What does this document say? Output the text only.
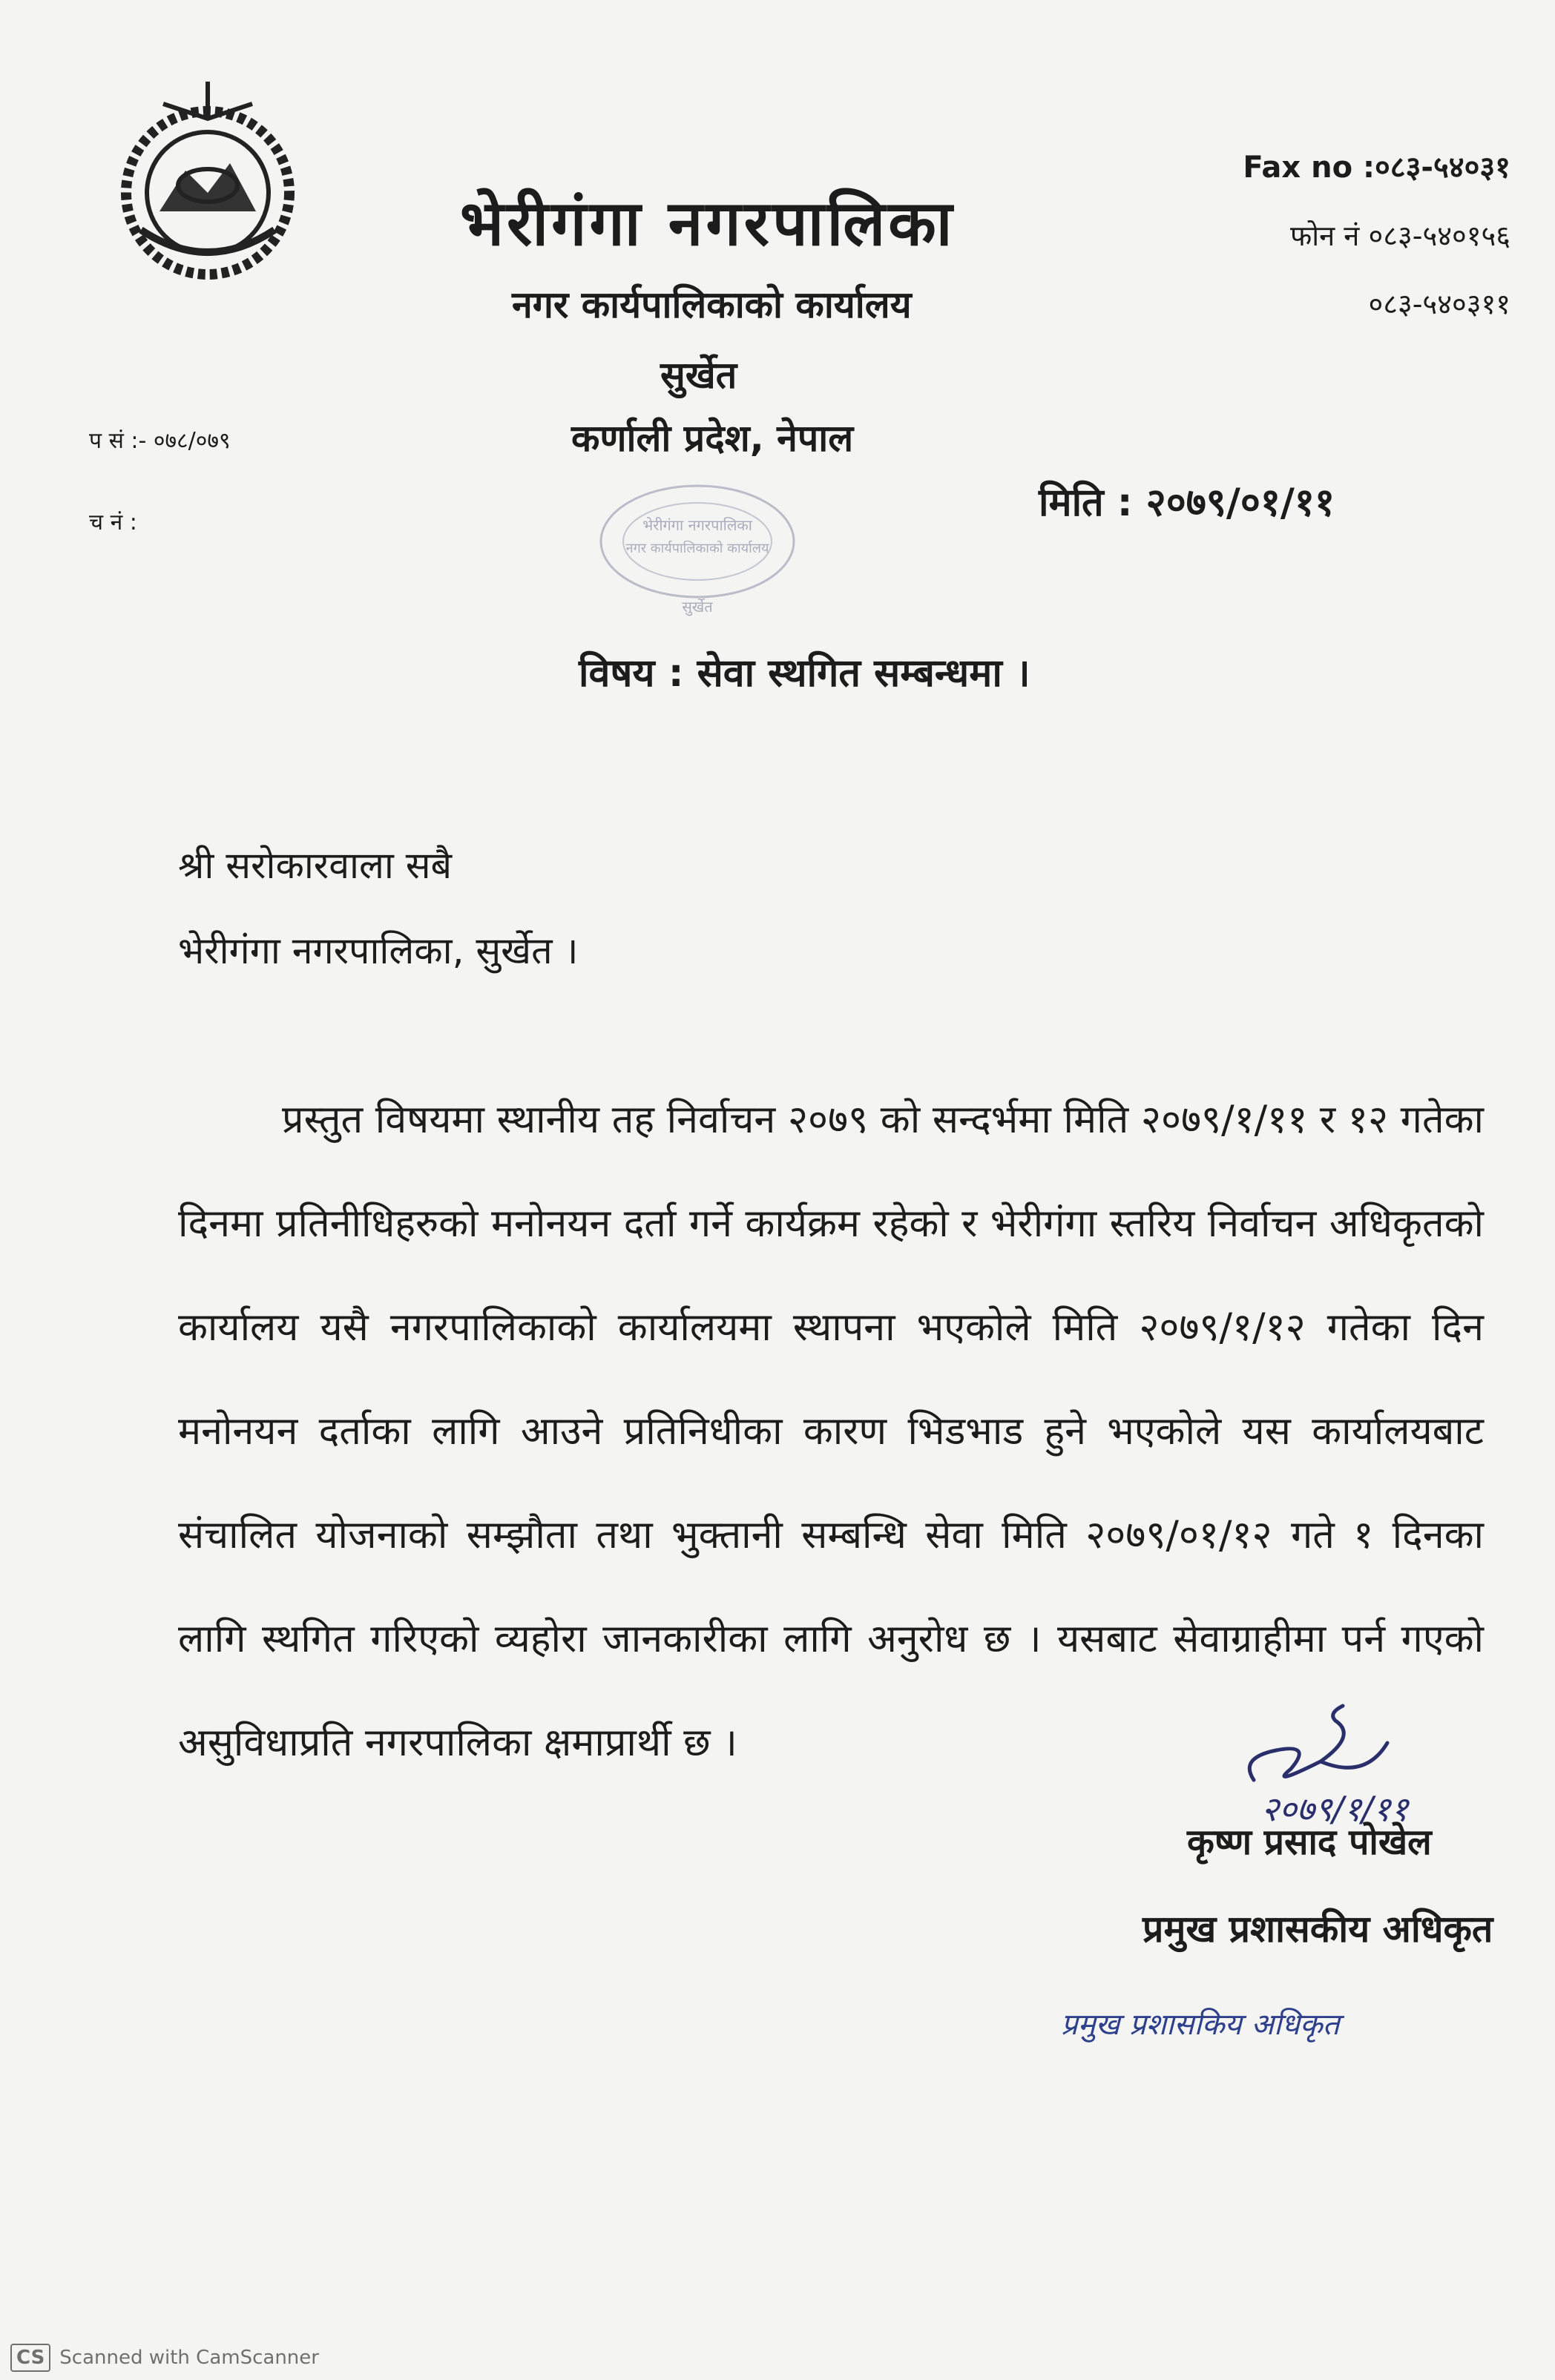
भेरीगंगा नगरपालिका
नगर कार्यपालिकाको कार्यालय
सुर्खेत
कर्णाली प्रदेश, नेपाल
Fax no :०८३-५४०३१
फोन नं ०८३-५४०१५६
०८३-५४०३११
प सं :- ०७८/०७९
च नं :	भेरीगंगा नगरपालिका
नगर कार्यपालिकाको कार्यालय
सुर्खेत
मिति : २०७९/०१/११
विषय : सेवा स्थगित सम्बन्धमा ।
श्री सरोकारवाला सबै
भेरीगंगा नगरपालिका, सुर्खेत ।
प्रस्तुत विषयमा स्थानीय तह निर्वाचन २०७९ को सन्दर्भमा मिति २०७९/१/११ र १२ गतेका दिनमा प्रतिनीधिहरुको मनोनयन दर्ता गर्ने कार्यक्रम रहेको र भेरीगंगा स्तरिय निर्वाचन अधिकृतको कार्यालय यसै नगरपालिकाको कार्यालयमा स्थापना भएकोले मिति २०७९/१/१२ गतेका दिन मनोनयन दर्ताका लागि आउने प्रतिनिधीका कारण भिडभाड हुने भएकोले यस कार्यालयबाट संचालित योजनाको सम्झौता तथा भुक्तानी सम्बन्धि सेवा मिति २०७९/०१/१२ गते १ दिनका लागि स्थगित गरिएको व्यहोरा जानकारीका लागि अनुरोध छ । यसबाट सेवाग्राहीमा पर्न गएको असुविधाप्रति नगरपालिका क्षमाप्रार्थी छ ।
२०७९/१/११
कृष्ण प्रसाद पोखेल
प्रमुख प्रशासकीय अधिकृत
प्रमुख प्रशासकिय अधिकृत
CS Scanned with CamScanner
